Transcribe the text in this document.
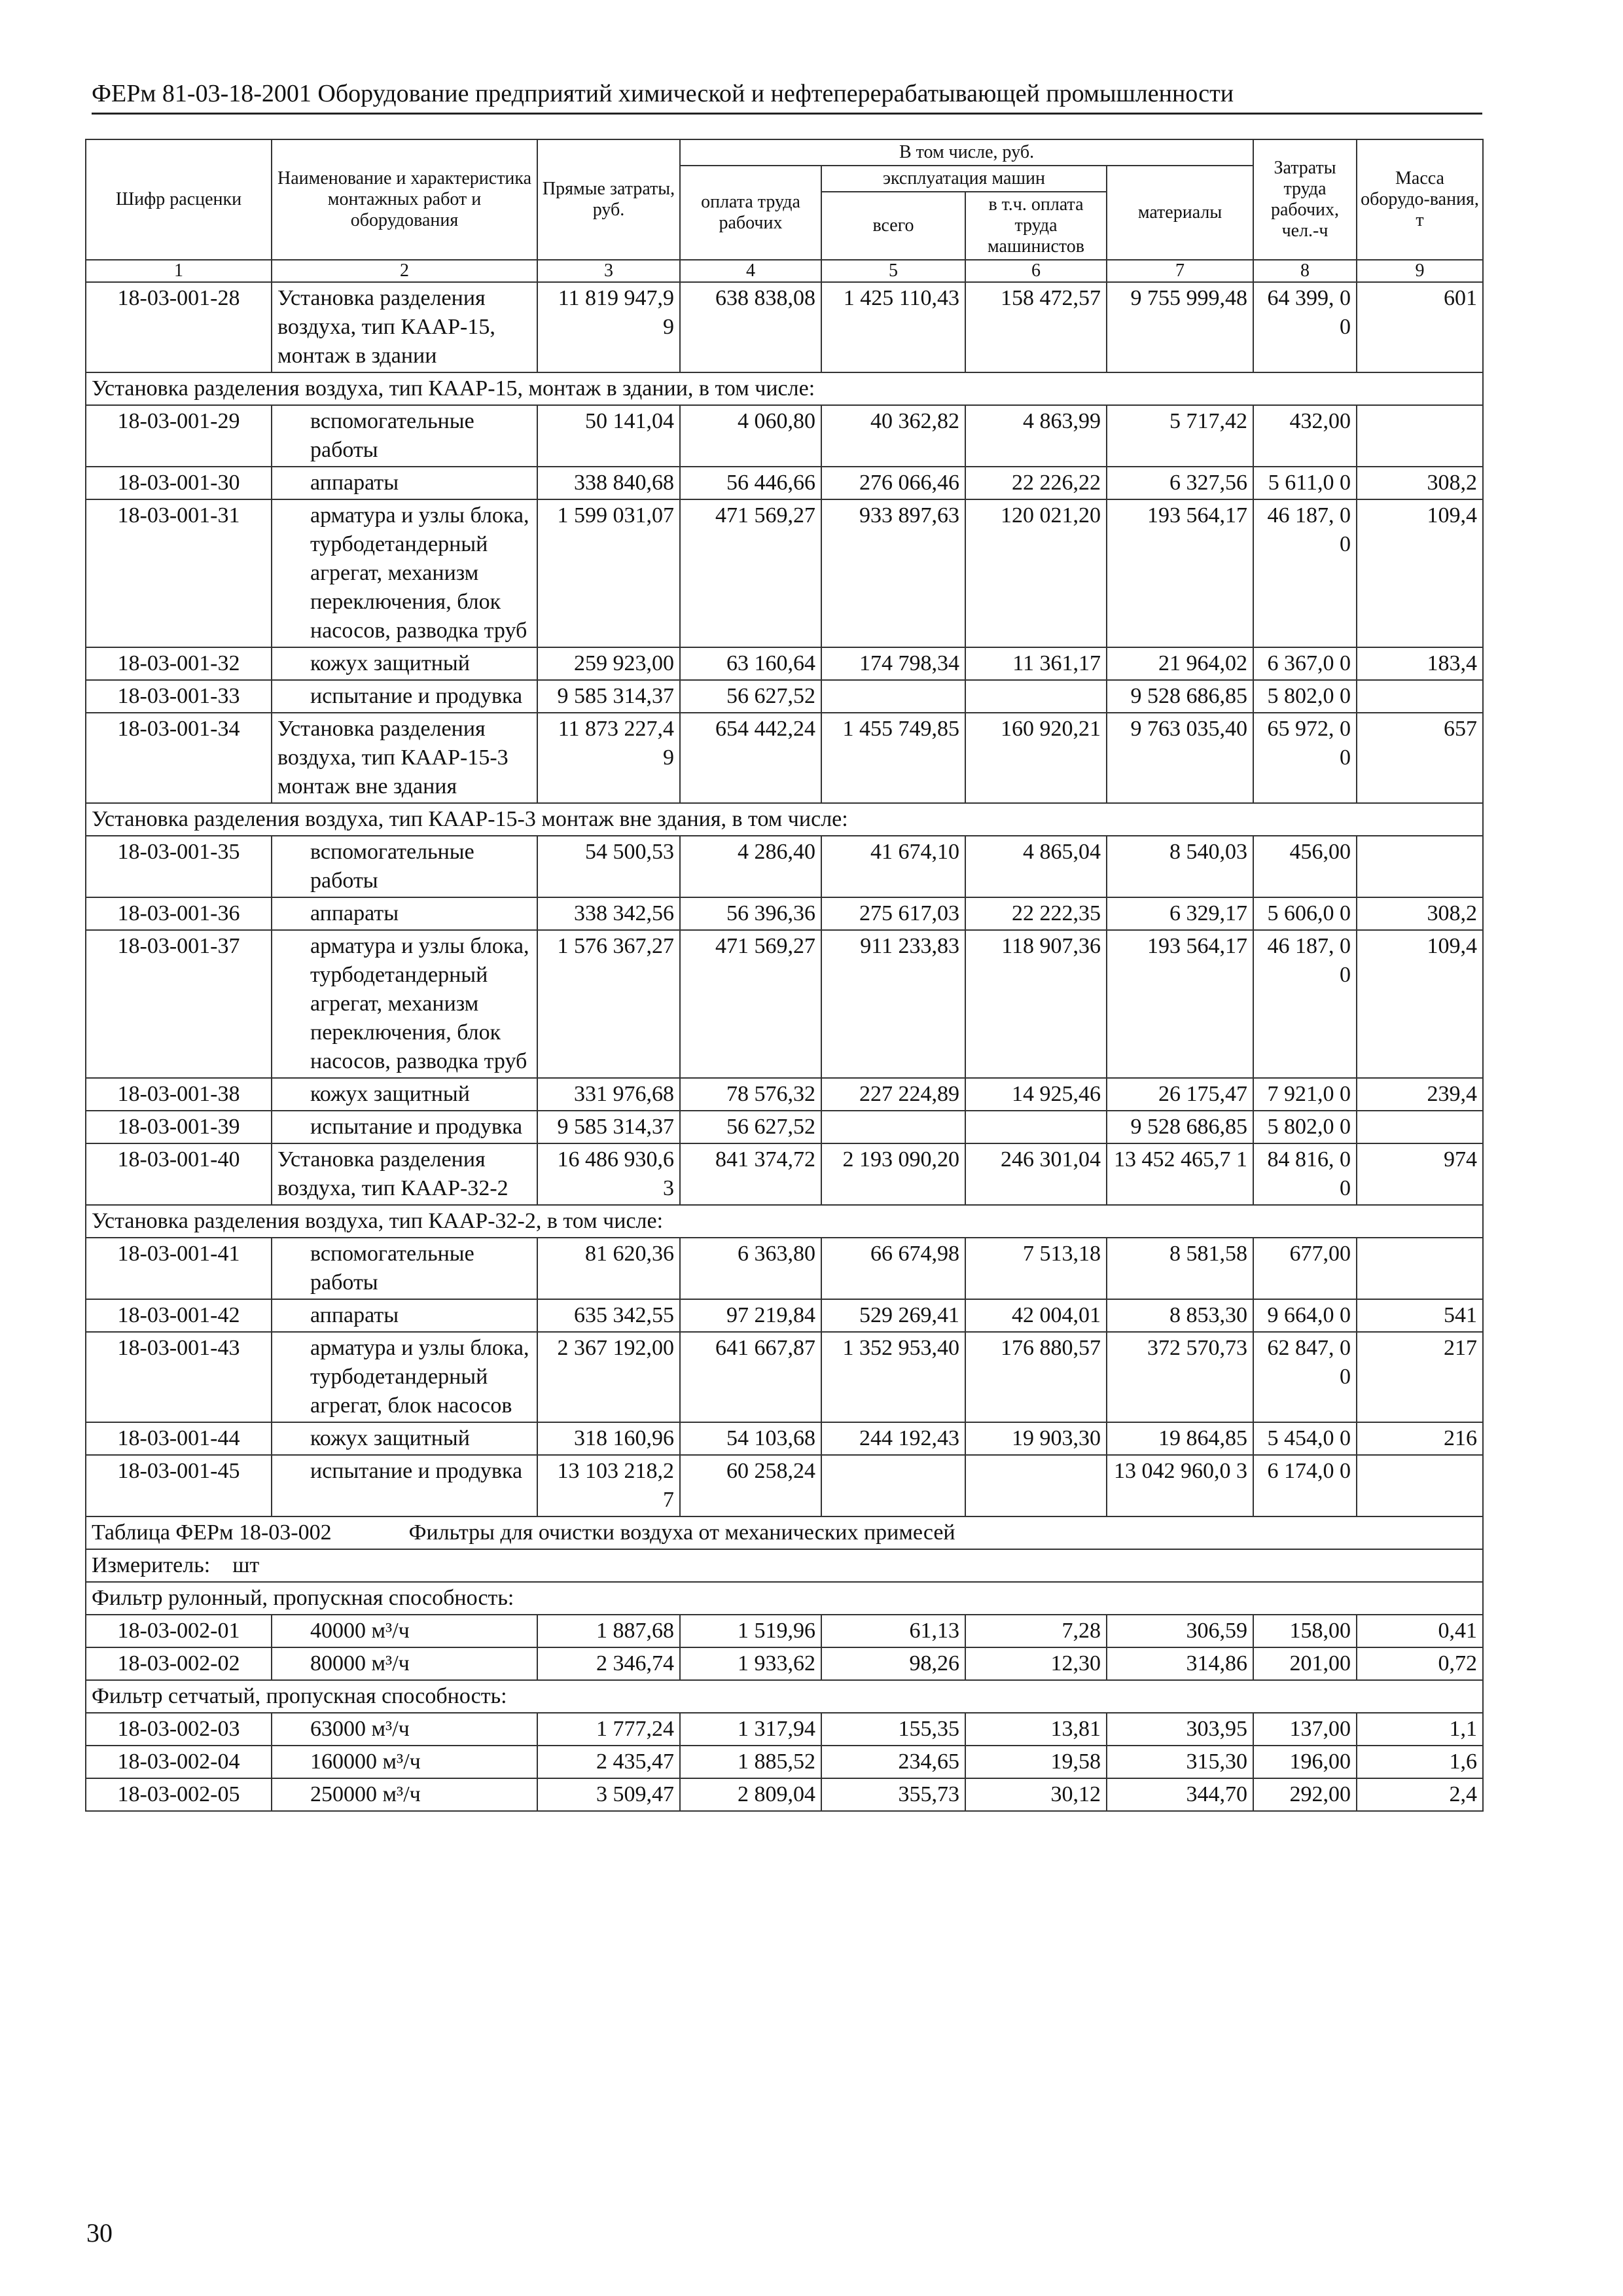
ФЕРм 81-03-18-2001 Оборудование предприятий химической и нефтеперерабатывающей промышленности
Шифр расценки	Наименование и характеристика монтажных работ и оборудования	Прямые затраты, руб.	В том числе, руб.				Затраты труда рабочих, чел.-ч	Масса оборудо-вания, т
			оплата труда рабочих	эксплуатация машин		материалы		
				всего	в т.ч. оплата труда машинистов			
1	2	3	4	5	6	7	8	9
18-03-001-28	Установка разделения воздуха, тип КААР-15, монтаж в здании	11 819 947,9 9	638 838,08	1 425 110,43	158 472,57	9 755 999,48	64 399, 00	601
Установка разделения воздуха, тип КААР-15, монтаж в здании, в том числе:								
18-03-001-29	вспомогательные работы	50 141,04	4 060,80	40 362,82	4 863,99	5 717,42	432,00	
18-03-001-30	аппараты	338 840,68	56 446,66	276 066,46	22 226,22	6 327,56	5 611,0 0	308,2
18-03-001-31	арматура и узлы блока, турбодетандерный агрегат, механизм переключения, блок насосов, разводка труб	1 599 031,07	471 569,27	933 897,63	120 021,20	193 564,17	46 187, 00	109,4
18-03-001-32	кожух защитный	259 923,00	63 160,64	174 798,34	11 361,17	21 964,02	6 367,0 0	183,4
18-03-001-33	испытание и продувка	9 585 314,37	56 627,52			9 528 686,85	5 802,0 0	
18-03-001-34	Установка разделения воздуха, тип КААР-15-3 монтаж вне здания	11 873 227,4 9	654 442,24	1 455 749,85	160 920,21	9 763 035,40	65 972, 00	657
Установка разделения воздуха, тип КААР-15-3 монтаж вне здания, в том числе:								
18-03-001-35	вспомогательные работы	54 500,53	4 286,40	41 674,10	4 865,04	8 540,03	456,00	
18-03-001-36	аппараты	338 342,56	56 396,36	275 617,03	22 222,35	6 329,17	5 606,0 0	308,2
18-03-001-37	арматура и узлы блока, турбодетандерный агрегат, механизм переключения, блок насосов, разводка труб	1 576 367,27	471 569,27	911 233,83	118 907,36	193 564,17	46 187, 00	109,4
18-03-001-38	кожух защитный	331 976,68	78 576,32	227 224,89	14 925,46	26 175,47	7 921,0 0	239,4
18-03-001-39	испытание и продувка	9 585 314,37	56 627,52			9 528 686,85	5 802,0 0	
18-03-001-40	Установка разделения воздуха, тип КААР-32-2	16 486 930,6 3	841 374,72	2 193 090,20	246 301,04	13 452 465,7 1	84 816, 00	974
Установка разделения воздуха, тип КААР-32-2, в том числе:								
18-03-001-41	вспомогательные работы	81 620,36	6 363,80	66 674,98	7 513,18	8 581,58	677,00	
18-03-001-42	аппараты	635 342,55	97 219,84	529 269,41	42 004,01	8 853,30	9 664,0 0	541
18-03-001-43	арматура и узлы блока, турбодетандерный агрегат, блок насосов	2 367 192,00	641 667,87	1 352 953,40	176 880,57	372 570,73	62 847, 00	217
18-03-001-44	кожух защитный	318 160,96	54 103,68	244 192,43	19 903,30	19 864,85	5 454,0 0	216
18-03-001-45	испытание и продувка	13 103 218,2 7	60 258,24			13 042 960,0 3	6 174,0 0	
Таблица ФЕРм 18-03-002 Фильтры для очистки воздуха от механических примесей								
Измеритель: шт								
Фильтр рулонный, пропускная способность:								
18-03-002-01	40000 м³/ч	1 887,68	1 519,96	61,13	7,28	306,59	158,00	0,41
18-03-002-02	80000 м³/ч	2 346,74	1 933,62	98,26	12,30	314,86	201,00	0,72
Фильтр сетчатый, пропускная способность:								
18-03-002-03	63000 м³/ч	1 777,24	1 317,94	155,35	13,81	303,95	137,00	1,1
18-03-002-04	160000 м³/ч	2 435,47	1 885,52	234,65	19,58	315,30	196,00	1,6
18-03-002-05	250000 м³/ч	3 509,47	2 809,04	355,73	30,12	344,70	292,00	2,4
30
